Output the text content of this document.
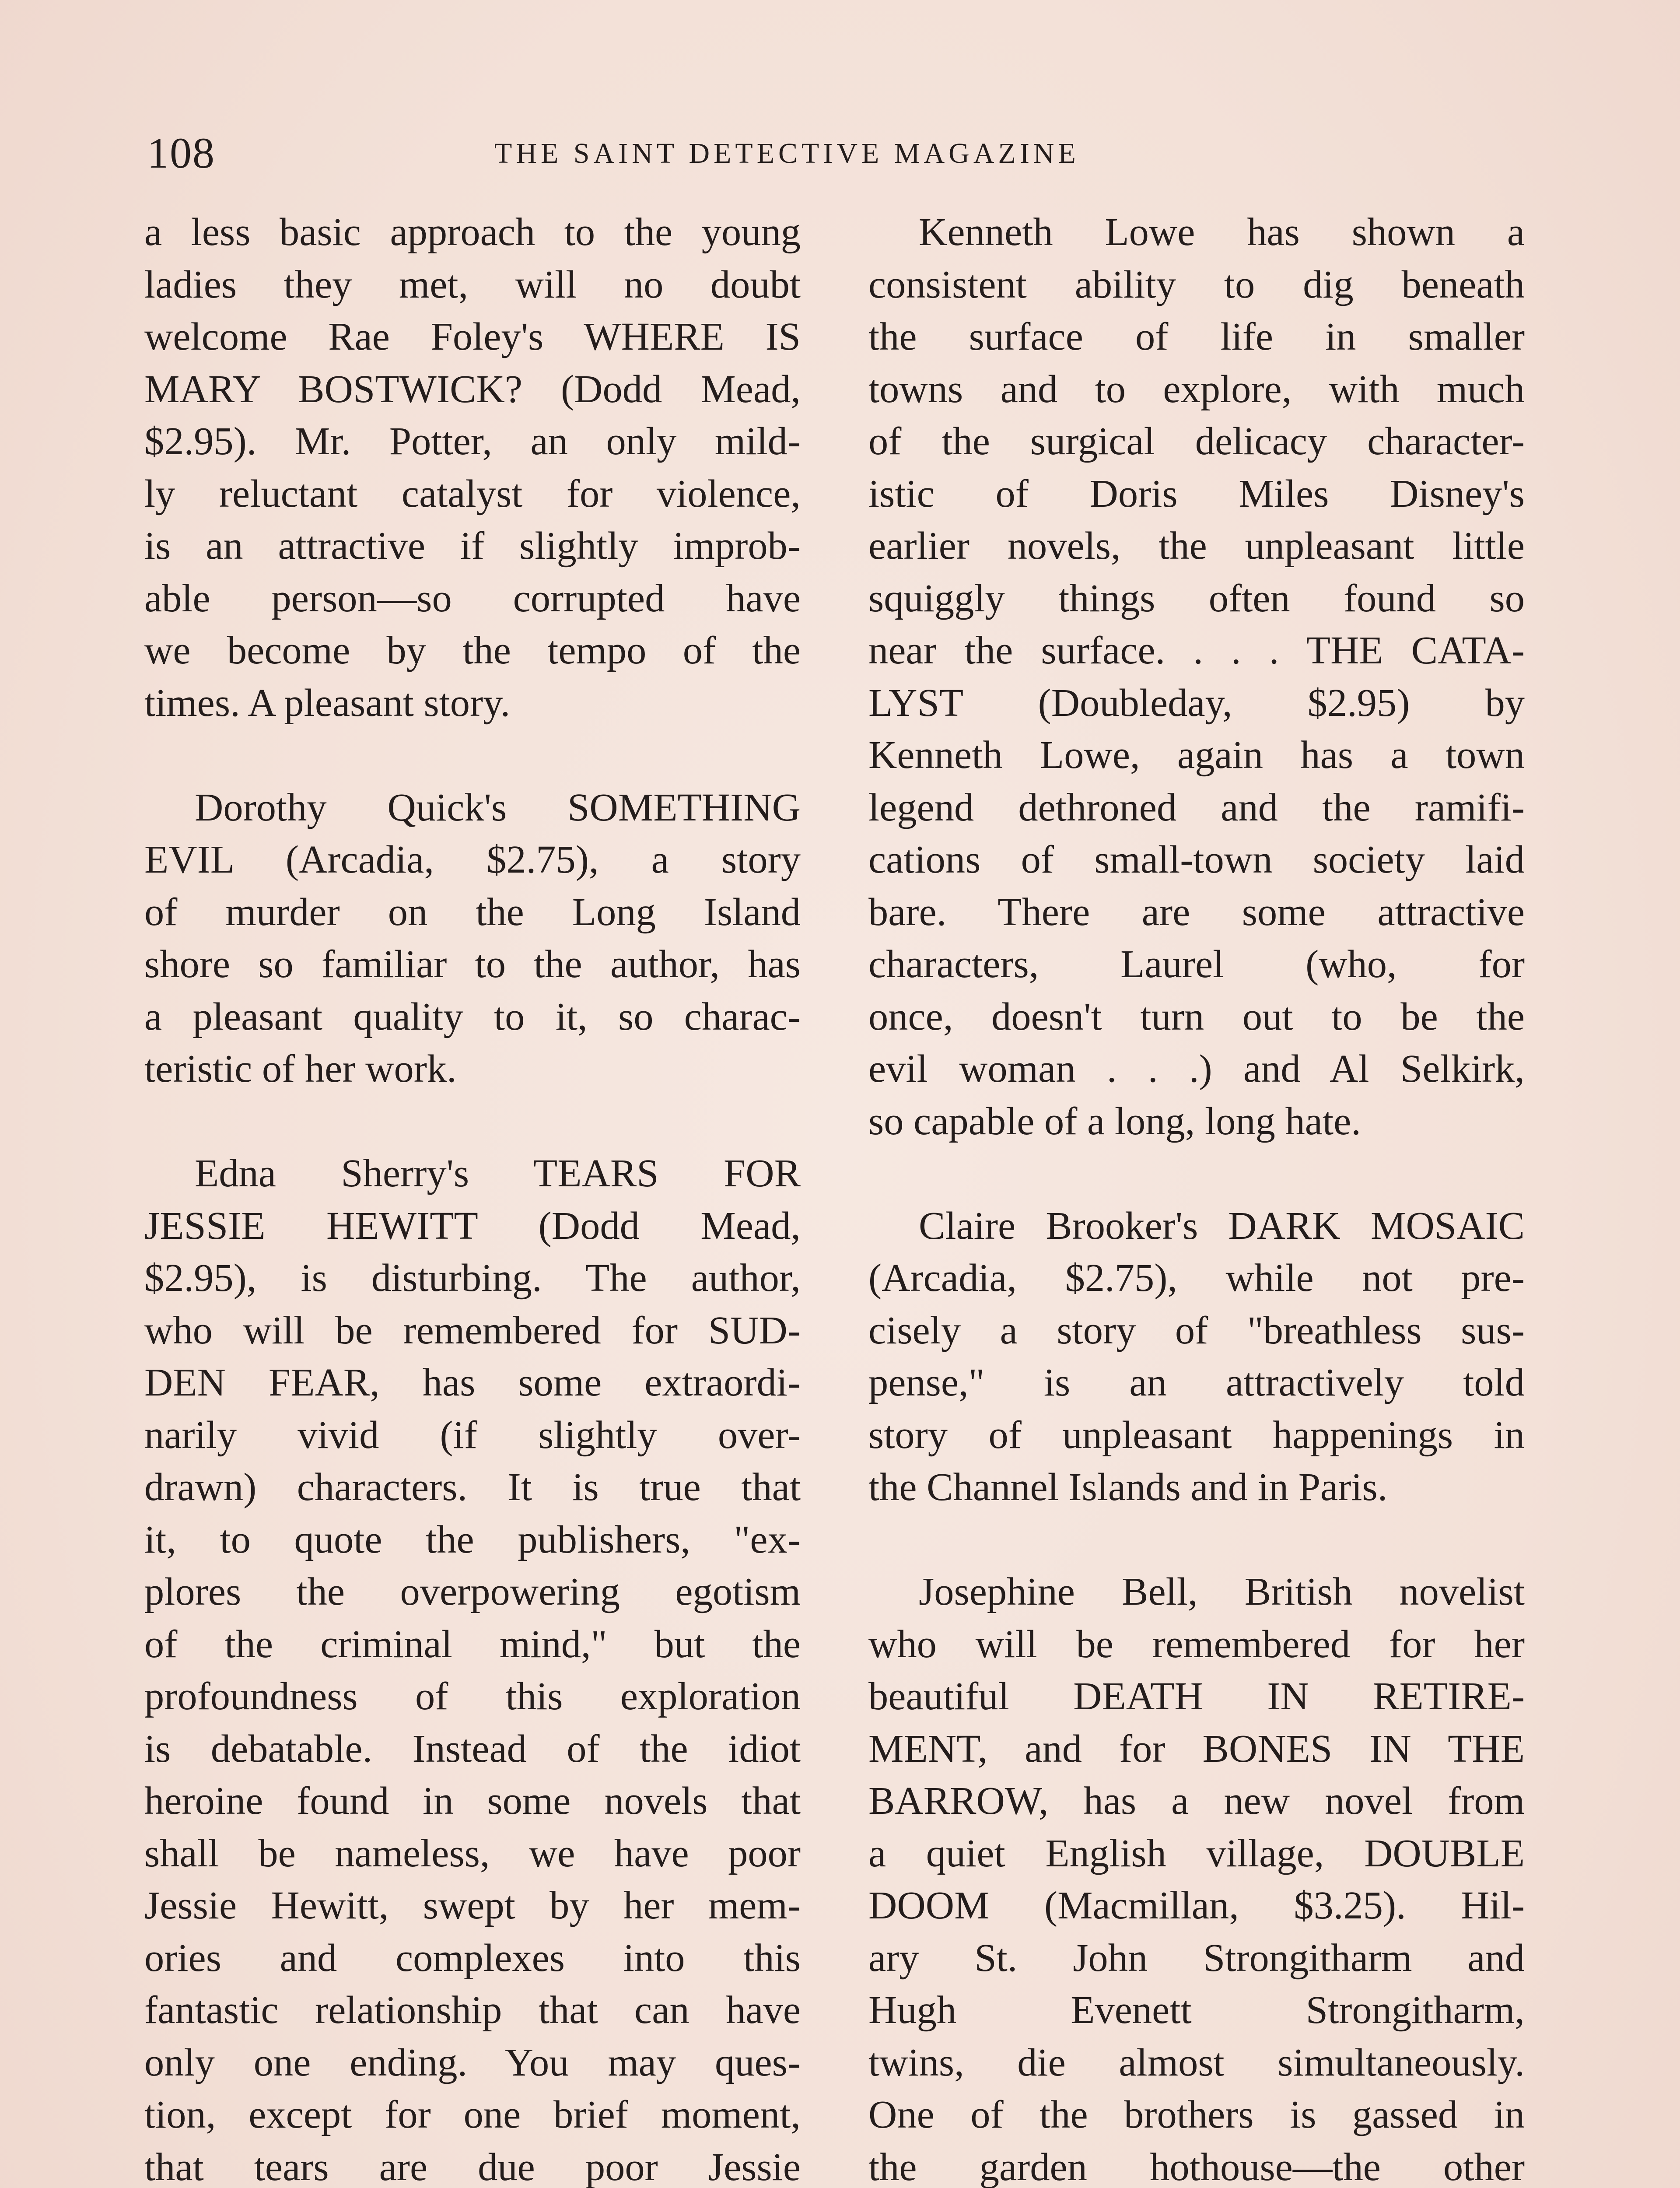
108	THE SAINT DETECTIVE MAGAZINE
a less basic approach to the young
ladies they met, will no doubt
welcome Rae Foley's WHERE IS
MARY BOSTWICK? (Dodd Mead,
$2.95). Mr. Potter, an only mild-
ly reluctant catalyst for violence,
is an attractive if slightly improb-
able person—so corrupted have
we become by the tempo of the
times. A pleasant story.
Dorothy Quick's SOMETHING
EVIL (Arcadia, $2.75), a story
of murder on the Long Island
shore so familiar to the author, has
a pleasant quality to it, so charac-
teristic of her work.
Edna Sherry's TEARS FOR
JESSIE HEWITT (Dodd Mead,
$2.95), is disturbing. The author,
who will be remembered for SUD-
DEN FEAR, has some extraordi-
narily vivid (if slightly over-
drawn) characters. It is true that
it, to quote the publishers, "ex-
plores the overpowering egotism
of the criminal mind," but the
profoundness of this exploration
is debatable. Instead of the idiot
heroine found in some novels that
shall be nameless, we have poor
Jessie Hewitt, swept by her mem-
ories and complexes into this
fantastic relationship that can have
only one ending. You may ques-
tion, except for one brief moment,
that tears are due poor Jessie
Kenneth Lowe has shown a
consistent ability to dig beneath
the surface of life in smaller
towns and to explore, with much
of the surgical delicacy character-
istic of Doris Miles Disney's
earlier novels, the unpleasant little
squiggly things often found so
near the surface. . . . THE CATA-
LYST (Doubleday, $2.95) by
Kenneth Lowe, again has a town
legend dethroned and the ramifi-
cations of small-town society laid
bare. There are some attractive
characters, Laurel (who, for
once, doesn't turn out to be the
evil woman . . .) and Al Selkirk,
so capable of a long, long hate.
Claire Brooker's DARK MOSAIC
(Arcadia, $2.75), while not pre-
cisely a story of "breathless sus-
pense," is an attractively told
story of unpleasant happenings in
the Channel Islands and in Paris.
Josephine Bell, British novelist
who will be remembered for her
beautiful DEATH IN RETIRE-
MENT, and for BONES IN THE
BARROW, has a new novel from
a quiet English village, DOUBLE
DOOM (Macmillan, $3.25). Hil-
ary St. John Strongitharm and
Hugh Evenett Strongitharm,
twins, die almost simultaneously.
One of the brothers is gassed in
the garden hothouse—the other
